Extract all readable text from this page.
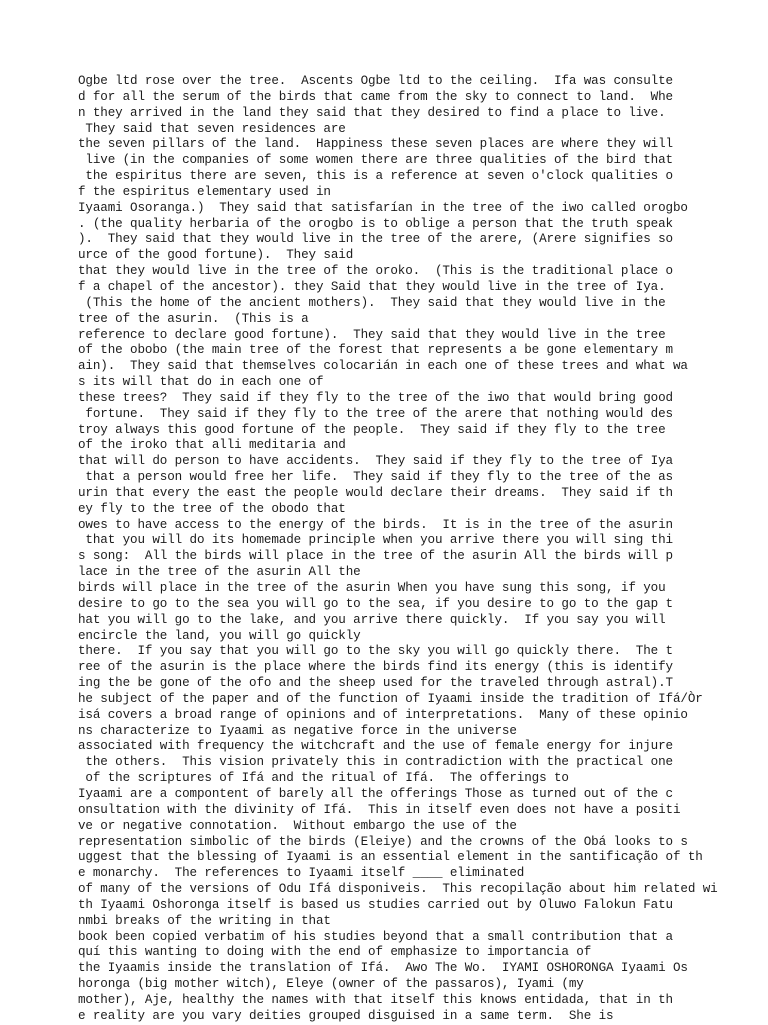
Ogbe ltd rose over the tree.  Ascents Ogbe ltd to the ceiling.  Ifa was consulte
d for all the serum of the birds that came from the sky to connect to land.  Whe
n they arrived in the land they said that they desired to find a place to live.
They said that seven residences are
the seven pillars of the land.  Happiness these seven places are where they will
live (in the companies of some women there are three qualities of the bird that
the espiritus there are seven, this is a reference at seven o'clock qualities o
f the espiritus elementary used in
Iyaami Osoranga.)  They said that satisfarían in the tree of the iwo called orogbo
. (the quality herbaria of the orogbo is to oblige a person that the truth speak
).  They said that they would live in the tree of the arere, (Arere signifies so
urce of the good fortune).  They said
that they would live in the tree of the oroko.  (This is the traditional place o
f a chapel of the ancestor). they Said that they would live in the tree of Iya.
(This the home of the ancient mothers).  They said that they would live in the
tree of the asurin.  (This is a
reference to declare good fortune).  They said that they would live in the tree
of the obobo (the main tree of the forest that represents a be gone elementary m
ain).  They said that themselves colocarián in each one of these trees and what wa
s its will that do in each one of
these trees?  They said if they fly to the tree of the iwo that would bring good
fortune.  They said if they fly to the tree of the arere that nothing would des
troy always this good fortune of the people.  They said if they fly to the tree
of the iroko that alli meditaria and
that will do person to have accidents.  They said if they fly to the tree of Iya
that a person would free her life.  They said if they fly to the tree of the as
urin that every the east the people would declare their dreams.  They said if th
ey fly to the tree of the obodo that
owes to have access to the energy of the birds.  It is in the tree of the asurin
that you will do its homemade principle when you arrive there you will sing thi
s song:  All the birds will place in the tree of the asurin All the birds will p
lace in the tree of the asurin All the
birds will place in the tree of the asurin When you have sung this song, if you
desire to go to the sea you will go to the sea, if you desire to go to the gap t
hat you will go to the lake, and you arrive there quickly.  If you say you will
encircle the land, you will go quickly
there.  If you say that you will go to the sky you will go quickly there.  The t
ree of the asurin is the place where the birds find its energy (this is identify
ing the be gone of the ofo and the sheep used for the traveled through astral).T
he subject of the paper and of the function of Iyaami inside the tradition of Ifá/Òr
isá covers a broad range of opinions and of interpretations.  Many of these opinio
ns characterize to Iyaami as negative force in the universe
associated with frequency the witchcraft and the use of female energy for injure
the others.  This vision privately this in contradiction with the practical one
of the scriptures of Ifá and the ritual of Ifá.  The offerings to
Iyaami are a compontent of barely all the offerings Those as turned out of the c
onsultation with the divinity of Ifá.  This in itself even does not have a positi
ve or negative connotation.  Without embargo the use of the
representation simbolic of the birds (Eleiye) and the crowns of the Obá looks to s
uggest that the blessing of Iyaami is an essential element in the santificação of th
e monarchy.  The references to Iyaami itself ____ eliminated
of many of the versions of Odu Ifá disponiveis.  This recopilação about him related wi
th Iyaami Oshoronga itself is based us studies carried out by Oluwo Falokun Fatu
nmbi breaks of the writing in that
book been copied verbatim of his studies beyond that a small contribution that a
quí this wanting to doing with the end of emphasize to importancia of
the Iyaamis inside the translation of Ifá.  Awo The Wo.  IYAMI OSHORONGA Iyaami Os
horonga (big mother witch), Eleye (owner of the passaros), Iyami (my
mother), Aje, healthy the names with that itself this knows entidada, that in th
e reality are you vary deities grouped disguised in a same term.  She is
